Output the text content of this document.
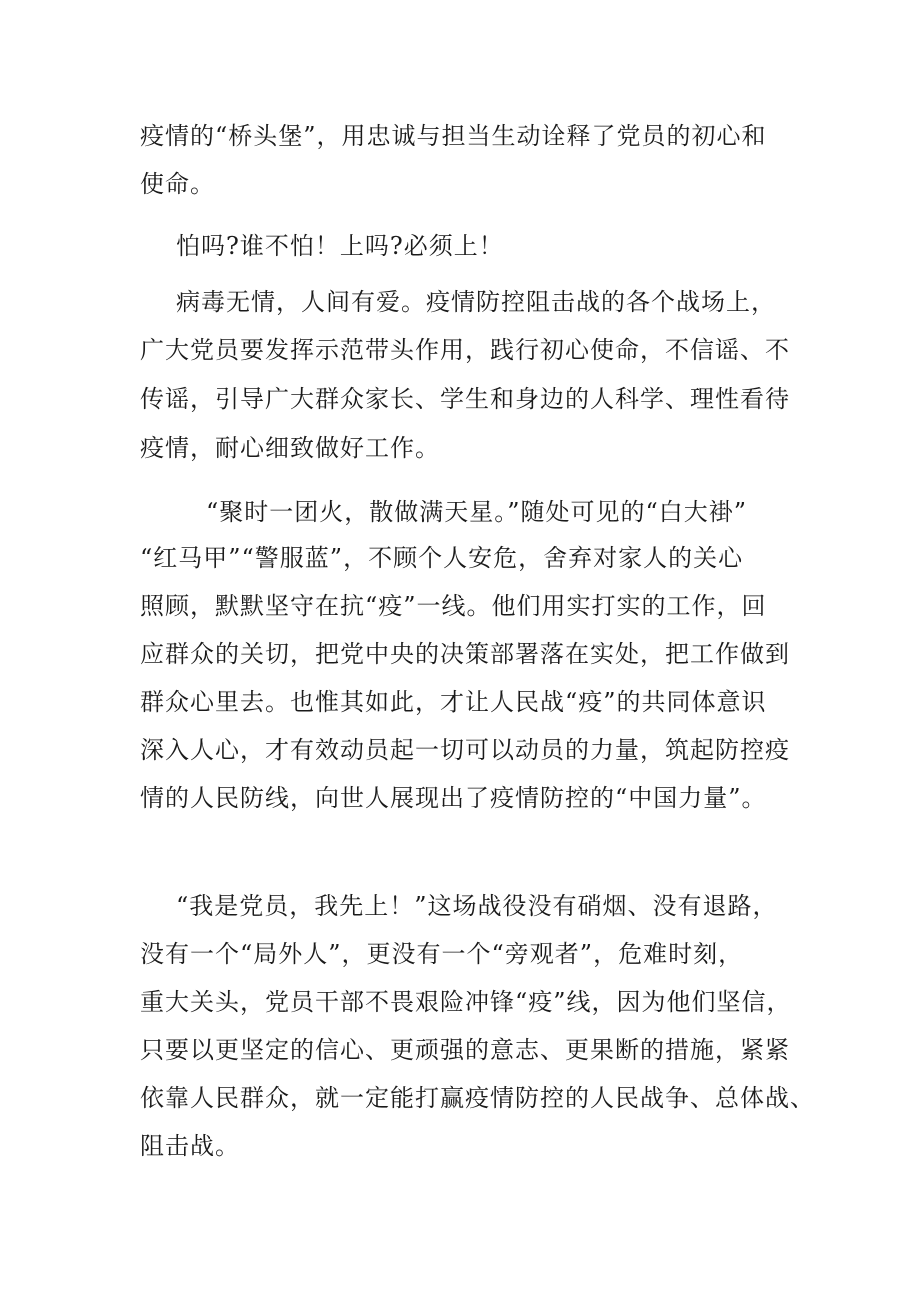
疫情的“桥头堡”，用忠诚与担当生动诠释了党员的初心和
使命。
怕吗?谁不怕！上吗?必须上！
病毒无情，人间有爱。疫情防控阻击战的各个战场上，
广大党员要发挥示范带头作用，践行初心使命，不信谣、不
传谣，引导广大群众家长、学生和身边的人科学、理性看待
疫情，耐心细致做好工作。
“聚时一团火，散做满天星。”随处可见的“白大褂”
“红马甲”“警服蓝”，不顾个人安危，舍弃对家人的关心
照顾，默默坚守在抗“疫”一线。他们用实打实的工作，回
应群众的关切，把党中央的决策部署落在实处，把工作做到
群众心里去。也惟其如此，才让人民战“疫”的共同体意识
深入人心，才有效动员起一切可以动员的力量，筑起防控疫
情的人民防线，向世人展现出了疫情防控的“中国力量”。
“我是党员，我先上！”这场战役没有硝烟、没有退路，
没有一个“局外人”，更没有一个“旁观者”，危难时刻，
重大关头，党员干部不畏艰险冲锋“疫”线，因为他们坚信，
只要以更坚定的信心、更顽强的意志、更果断的措施，紧紧
依靠人民群众，就一定能打赢疫情防控的人民战争、总体战、
阻击战。
